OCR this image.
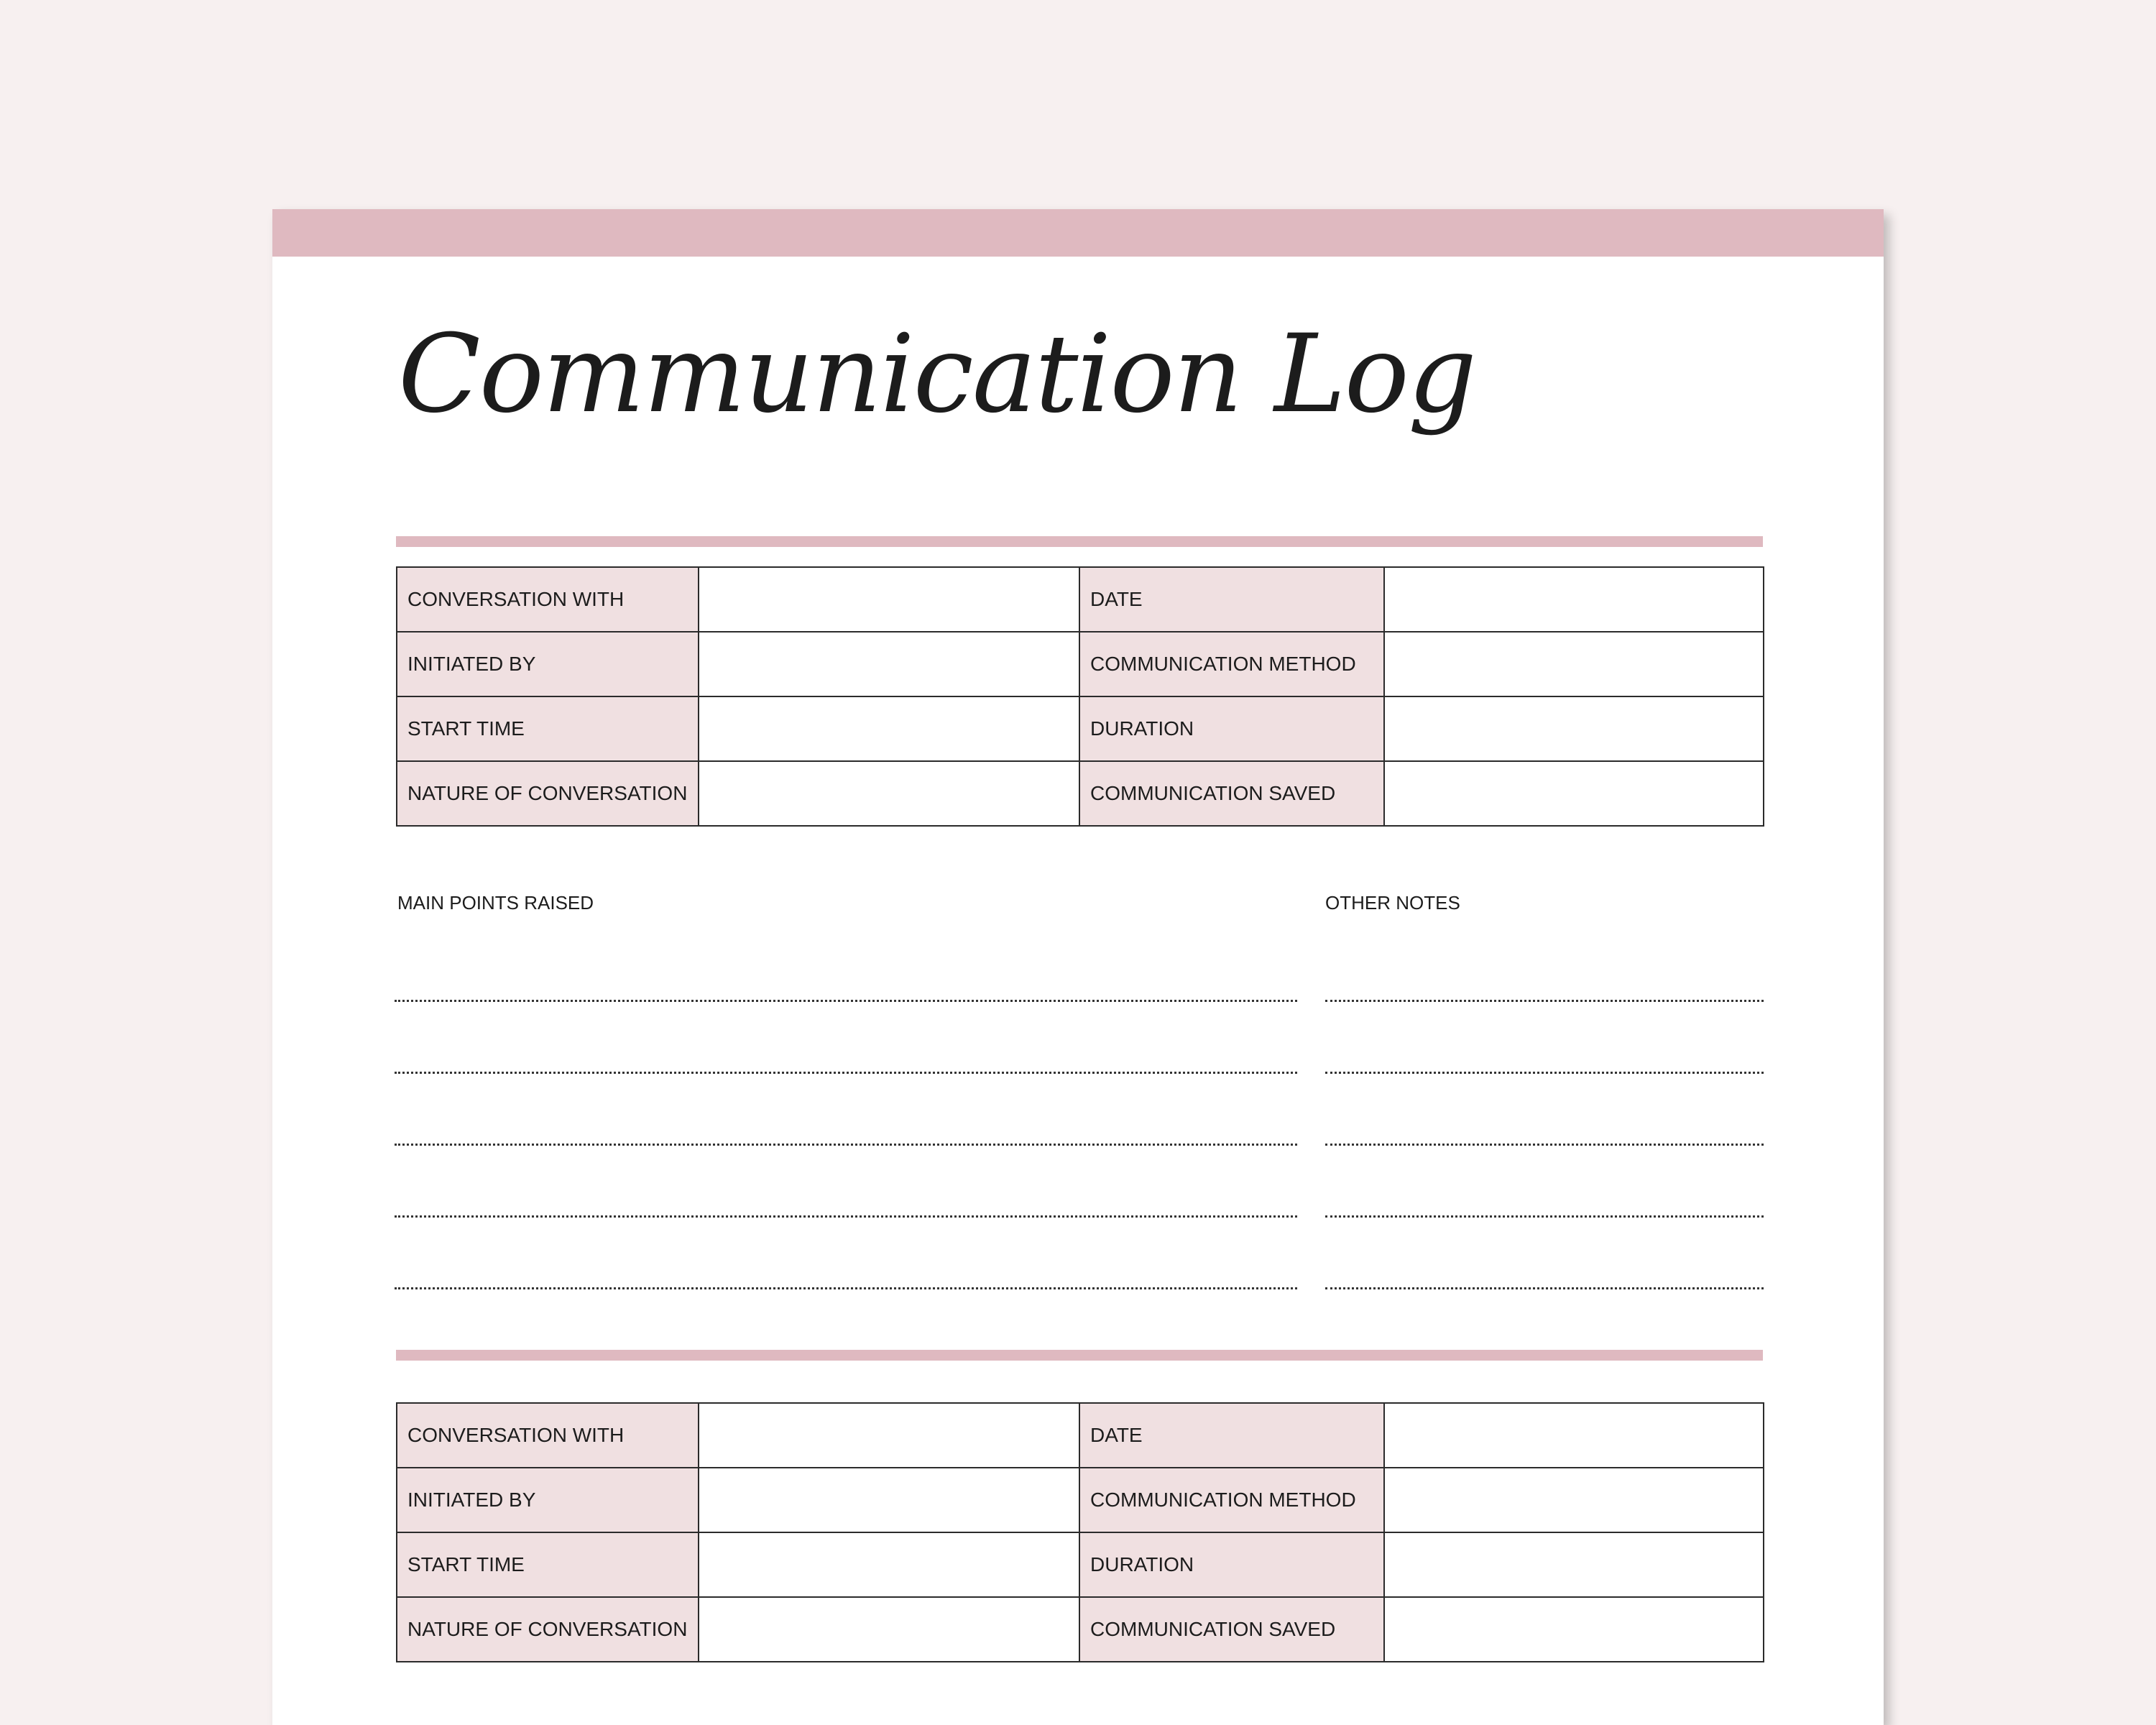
Communication Log
CONVERSATION WITH		DATE	
INITIATED BY		COMMUNICATION METHOD	
START TIME		DURATION	
NATURE OF CONVERSATION		COMMUNICATION SAVED	
MAIN POINTS RAISED	OTHER NOTES
CONVERSATION WITH		DATE	
INITIATED BY		COMMUNICATION METHOD	
START TIME		DURATION	
NATURE OF CONVERSATION		COMMUNICATION SAVED	
